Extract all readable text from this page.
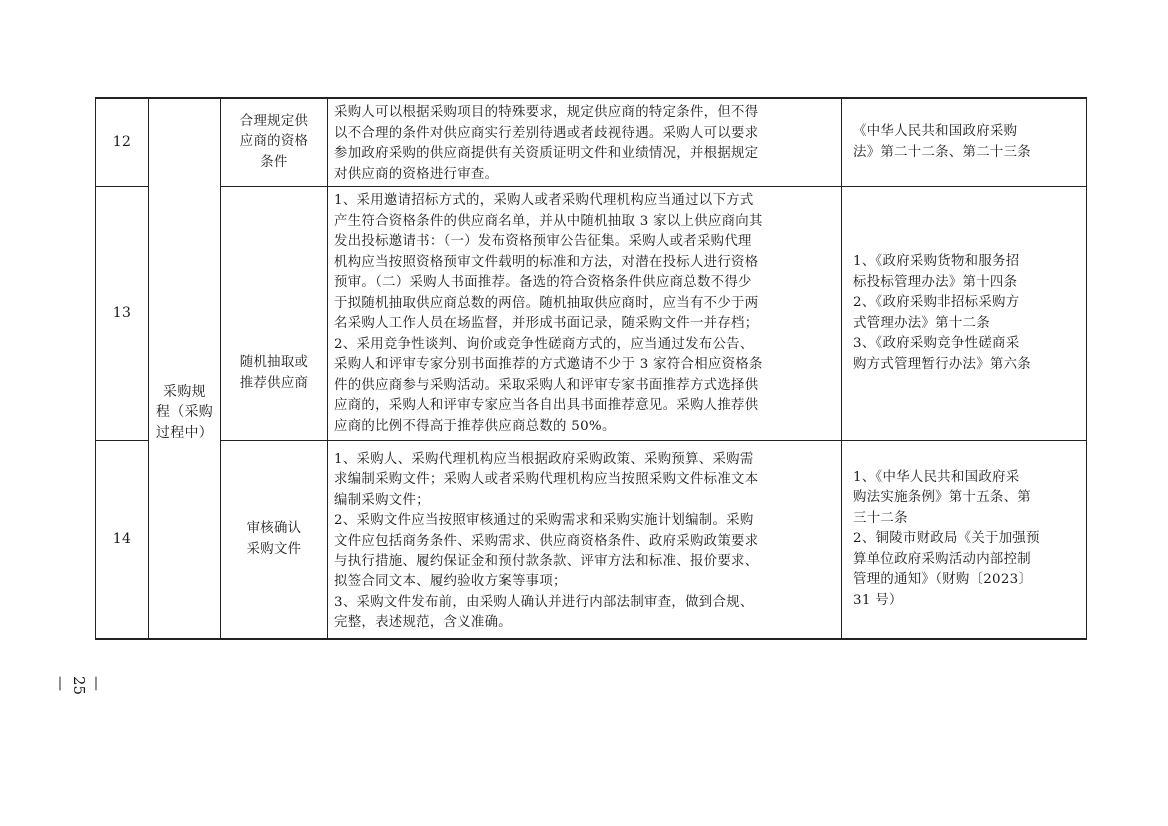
12
合理规定供
应商的资格
条件
采购人可以根据采购项目的特殊要求，规定供应商的特定条件，但不得
以不合理的条件对供应商实行差别待遇或者歧视待遇。采购人可以要求
参加政府采购的供应商提供有关资质证明文件和业绩情况，并根据规定
对供应商的资格进行审查。
《中华人民共和国政府采购
法》第二十二条、第二十三条
采购规
程（采购
过程中）
13
随机抽取或
推荐供应商
1、采用邀请招标方式的，采购人或者采购代理机构应当通过以下方式
产生符合资格条件的供应商名单，并从中随机抽取 3 家以上供应商向其
发出投标邀请书：（一）发布资格预审公告征集。采购人或者采购代理
机构应当按照资格预审文件载明的标准和方法，对潜在投标人进行资格
预审。（二）采购人书面推荐。备选的符合资格条件供应商总数不得少
于拟随机抽取供应商总数的两倍。随机抽取供应商时，应当有不少于两
名采购人工作人员在场监督，并形成书面记录，随采购文件一并存档；
2、采用竞争性谈判、询价或竞争性磋商方式的，应当通过发布公告、
采购人和评审专家分别书面推荐的方式邀请不少于 3 家符合相应资格条
件的供应商参与采购活动。采取采购人和评审专家书面推荐方式选择供
应商的，采购人和评审专家应当各自出具书面推荐意见。采购人推荐供
应商的比例不得高于推荐供应商总数的 50%。
1、《政府采购货物和服务招
标投标管理办法》第十四条
2、《政府采购非招标采购方
式管理办法》第十二条
3、《政府采购竞争性磋商采
购方式管理暂行办法》第六条
14
审核确认
采购文件
1、采购人、采购代理机构应当根据政府采购政策、采购预算、采购需
求编制采购文件；采购人或者采购代理机构应当按照采购文件标准文本
编制采购文件；
2、采购文件应当按照审核通过的采购需求和采购实施计划编制。采购
文件应包括商务条件、采购需求、供应商资格条件、政府采购政策要求
与执行措施、履约保证金和预付款条款、评审方法和标准、报价要求、
拟签合同文本、履约验收方案等事项；
3、采购文件发布前，由采购人确认并进行内部法制审查，做到合规、
完整，表述规范，含义准确。
1、《中华人民共和国政府采
购法实施条例》第十五条、第
三十二条
2、铜陵市财政局《关于加强预
算单位政府采购活动内部控制
管理的通知》（财购〔2023〕
31 号）
—25—
